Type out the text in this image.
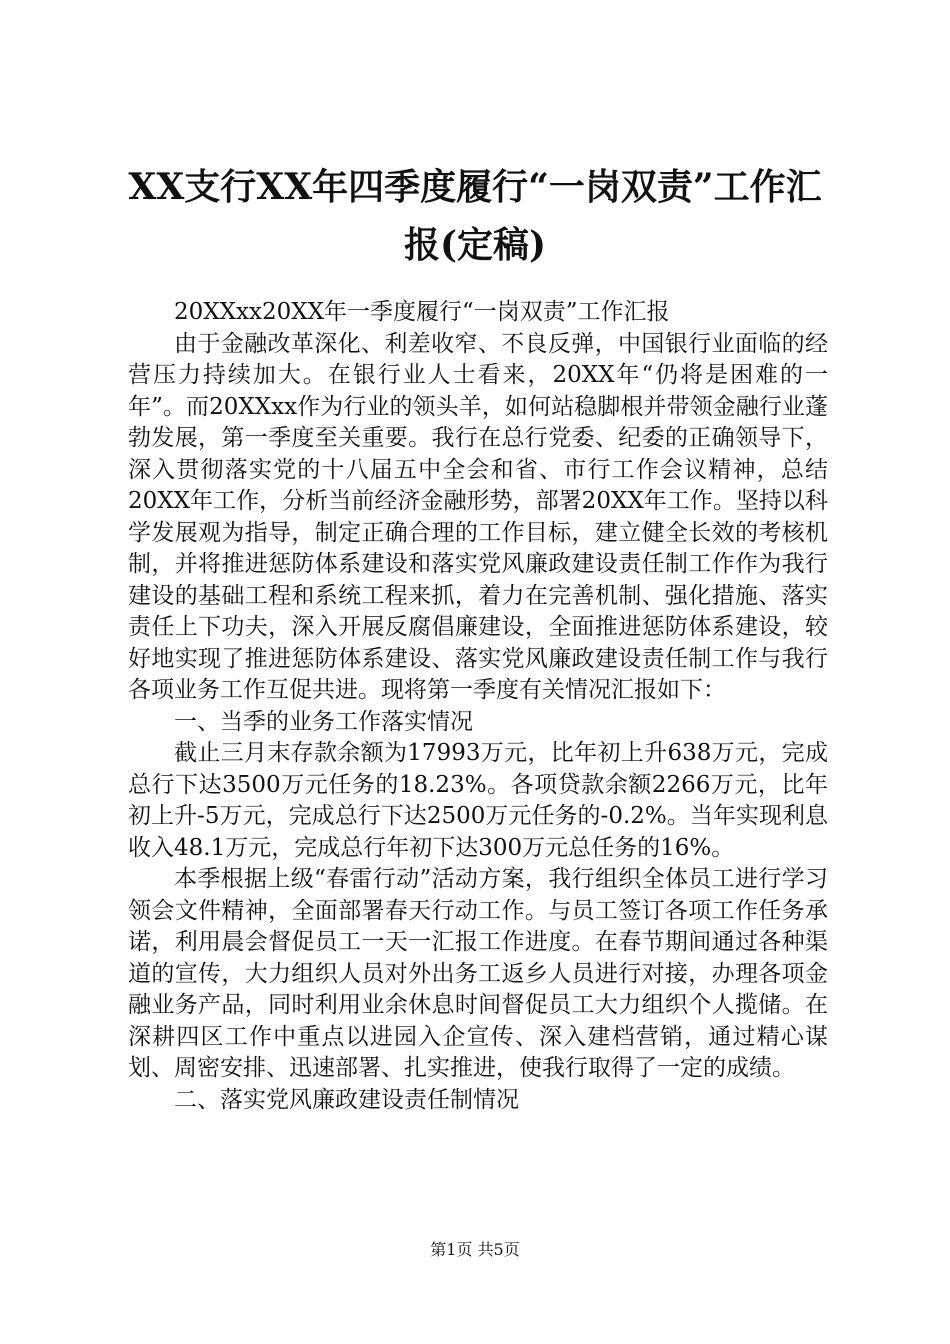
XX支行XX年四季度履行“一岗双责”工作汇报(定稿)

20XXxx20XX年一季度履行“一岗双责”工作汇报

由于金融改革深化、利差收窄、不良反弹，中国银行业面临的经营压力持续加大。在银行业人士看来，20XX年“仍将是困难的一年”。而20XXxx作为行业的领头羊，如何站稳脚根并带领金融行业蓬勃发展，第一季度至关重要。我行在总行党委、纪委的正确领导下，深入贯彻落实党的十八届五中全会和省、市行工作会议精神，总结20XX年工作，分析当前经济金融形势，部署20XX年工作。坚持以科学发展观为指导，制定正确合理的工作目标，建立健全长效的考核机制，并将推进惩防体系建设和落实党风廉政建设责任制工作作为我行建设的基础工程和系统工程来抓，着力在完善机制、强化措施、落实责任上下功夫，深入开展反腐倡廉建设，全面推进惩防体系建设，较好地实现了推进惩防体系建设、落实党风廉政建设责任制工作与我行各项业务工作互促共进。现将第一季度有关情况汇报如下：

一、当季的业务工作落实情况

截止三月末存款余额为17993万元，比年初上升638万元，完成总行下达3500万元任务的18.23%。各项贷款余额2266万元，比年初上升-5万元，完成总行下达2500万元任务的-0.2%。当年实现利息收入48.1万元，完成总行年初下达300万元总任务的16%。

本季根据上级“春雷行动”活动方案，我行组织全体员工进行学习领会文件精神，全面部署春天行动工作。与员工签订各项工作任务承诺，利用晨会督促员工一天一汇报工作进度。在春节期间通过各种渠道的宣传，大力组织人员对外出务工返乡人员进行对接，办理各项金融业务产品，同时利用业余休息时间督促员工大力组织个人揽储。在深耕四区工作中重点以进园入企宣传、深入建档营销，通过精心谋划、周密安排、迅速部署、扎实推进，使我行取得了一定的成绩。

二、落实党风廉政建设责任制情况

第1页 共5页
